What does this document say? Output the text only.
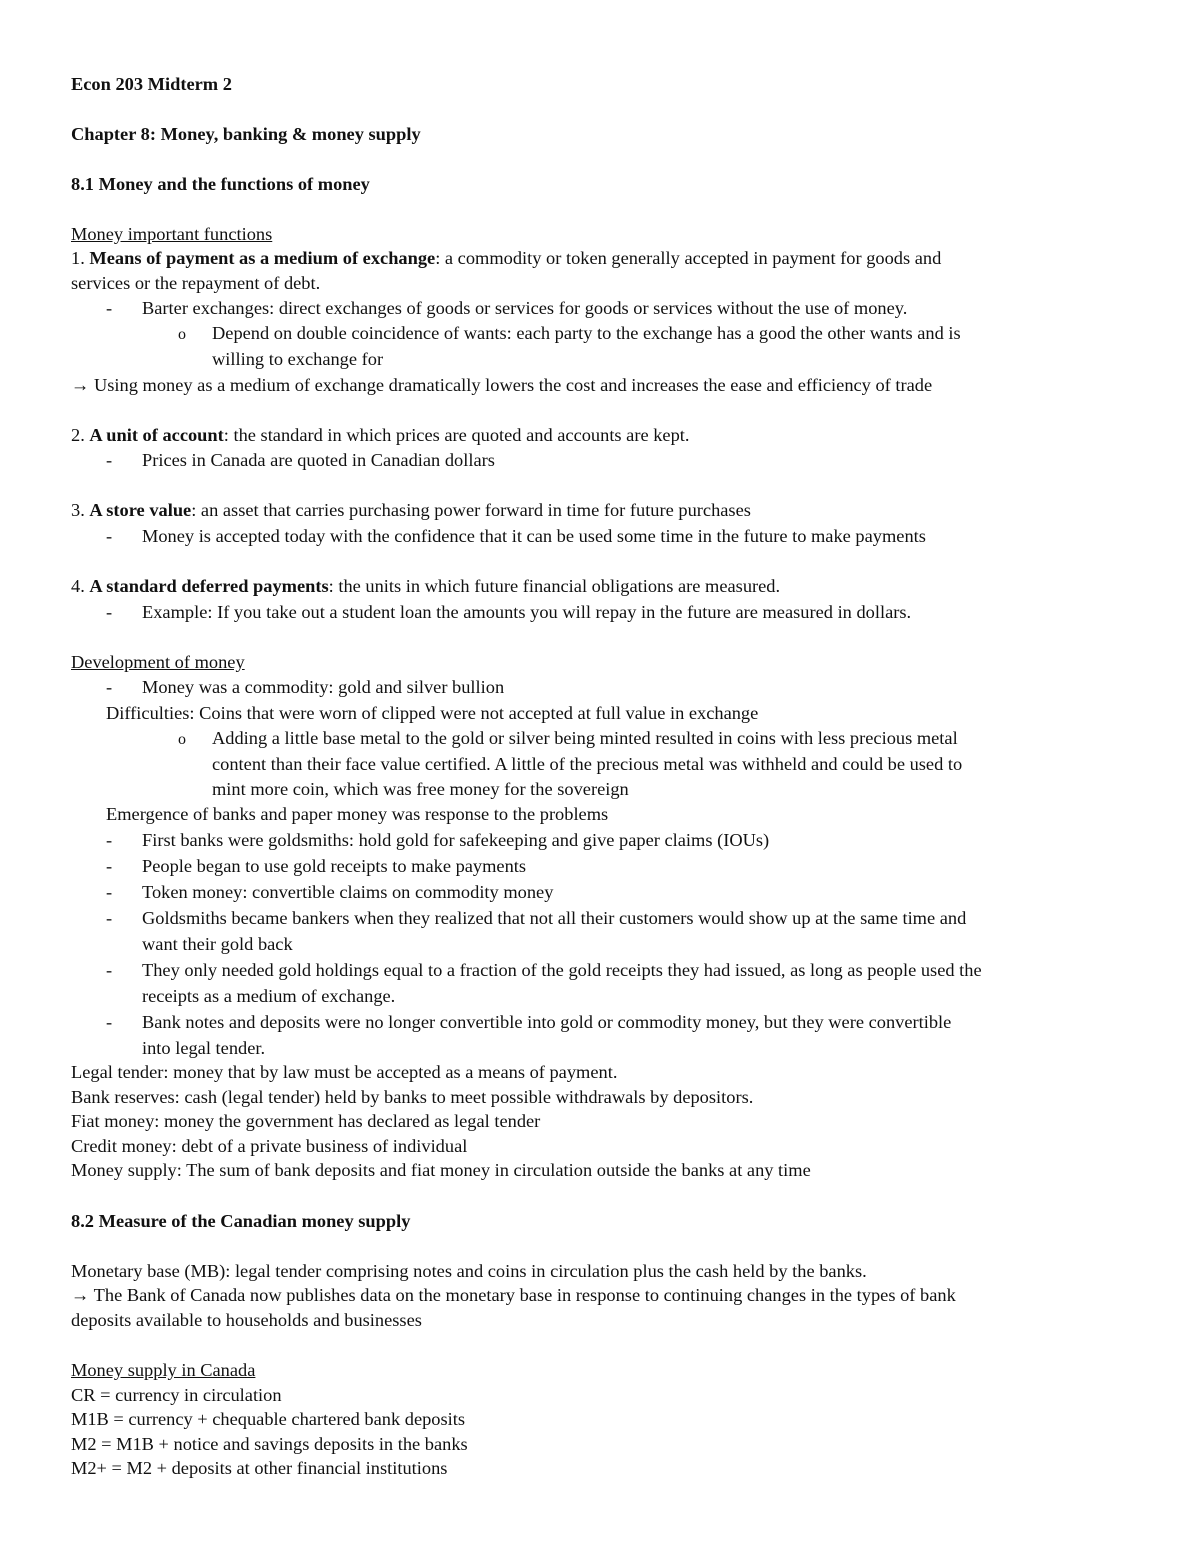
Econ 203 Midterm 2
Chapter 8: Money, banking & money supply
8.1 Money and the functions of money
Money important functions
1. Means of payment as a medium of exchange: a commodity or token generally accepted in payment for goods and
services or the repayment of debt.
- Barter exchanges: direct exchanges of goods or services for goods or services without the use of money.
o Depend on double coincidence of wants: each party to the exchange has a good the other wants and is
willing to exchange for
→ Using money as a medium of exchange dramatically lowers the cost and increases the ease and efficiency of trade
2. A unit of account: the standard in which prices are quoted and accounts are kept.
- Prices in Canada are quoted in Canadian dollars
3. A store value: an asset that carries purchasing power forward in time for future purchases
- Money is accepted today with the confidence that it can be used some time in the future to make payments
4. A standard deferred payments: the units in which future financial obligations are measured.
- Example: If you take out a student loan the amounts you will repay in the future are measured in dollars.
Development of money
- Money was a commodity: gold and silver bullion
Difficulties: Coins that were worn of clipped were not accepted at full value in exchange
o Adding a little base metal to the gold or silver being minted resulted in coins with less precious metal
content than their face value certified. A little of the precious metal was withheld and could be used to
mint more coin, which was free money for the sovereign
Emergence of banks and paper money was response to the problems
- First banks were goldsmiths: hold gold for safekeeping and give paper claims (IOUs)
- People began to use gold receipts to make payments
- Token money: convertible claims on commodity money
- Goldsmiths became bankers when they realized that not all their customers would show up at the same time and
want their gold back
- They only needed gold holdings equal to a fraction of the gold receipts they had issued, as long as people used the
receipts as a medium of exchange.
- Bank notes and deposits were no longer convertible into gold or commodity money, but they were convertible
into legal tender.
Legal tender: money that by law must be accepted as a means of payment.
Bank reserves: cash (legal tender) held by banks to meet possible withdrawals by depositors.
Fiat money: money the government has declared as legal tender
Credit money: debt of a private business of individual
Money supply: The sum of bank deposits and fiat money in circulation outside the banks at any time
8.2 Measure of the Canadian money supply
Monetary base (MB): legal tender comprising notes and coins in circulation plus the cash held by the banks.
→ The Bank of Canada now publishes data on the monetary base in response to continuing changes in the types of bank
deposits available to households and businesses
Money supply in Canada
CR = currency in circulation
M1B = currency + chequable chartered bank deposits
M2 = M1B + notice and savings deposits in the banks
M2+ = M2 + deposits at other financial institutions
